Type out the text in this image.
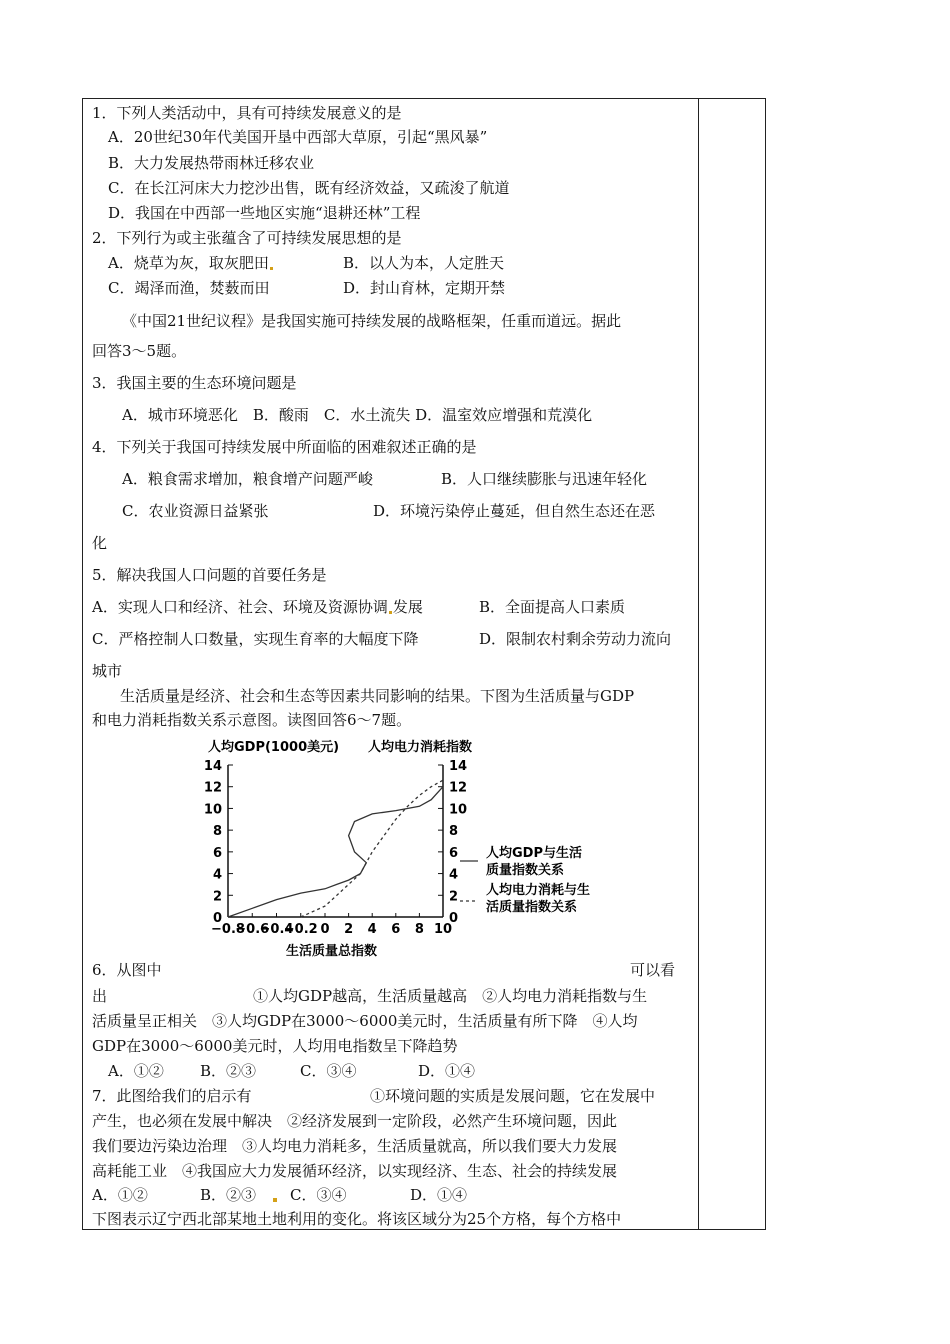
1．下列人类活动中，具有可持续发展意义的是
A．20世纪30年代美国开垦中西部大草原，引起“黑风暴”
B．大力发展热带雨林迁移农业
C．在长江河床大力挖沙出售，既有经济效益，又疏浚了航道
D．我国在中西部一些地区实施“退耕还林”工程
2．下列行为或主张蕴含了可持续发展思想的是
A．烧草为灰，取灰肥田	B．以人为本，人定胜天
C．竭泽而渔，焚薮而田	D．封山育林，定期开禁
《中国21世纪议程》是我国实施可持续发展的战略框架，任重而道远。据此
回答3～5题。
3．我国主要的生态环境问题是
A．城市环境恶化　B．酸雨　C．水土流失 D．温室效应增强和荒漠化
4．下列关于我国可持续发展中所面临的困难叙述正确的是
A．粮食需求增加，粮食增产问题严峻	B．人口继续膨胀与迅速年轻化
C．农业资源日益紧张	D．环境污染停止蔓延，但自然生态还在恶
化
5．解决我国人口问题的首要任务是
A．实现人口和经济、社会、环境及资源协调 发展	B．全面提高人口素质
C．严格控制人口数量，实现生育率的大幅度下降	D．限制农村剩余劳动力流向
城市
生活质量是经济、社会和生态等因素共同影响的结果。下图为生活质量与GDP
和电力消耗指数关系示意图。读图回答6～7题。
人均GDP(1000美元) 人均电力消耗指数
0	0
2	2
4	4
6	6
8	8
10	10
12	12
14	14
−0.8
−0.6
−0.4
−0.2 0 2 4 6 8 10
人均GDP与生活
质量指数关系
人均电力消耗与生
活质量指数关系
生活质量总指数
6．从图中	可以看
出	①人均GDP越高，生活质量越高　②人均电力消耗指数与生
活质量呈正相关　③人均GDP在3000～6000美元时，生活质量有所下降　④人均
GDP在3000～6000美元时，人均用电指数呈下降趋势
A．①② B．②③	C．③④	D．①④
7．此图给我们的启示有	①环境问题的实质是发展问题，它在发展中
产生，也必须在发展中解决　②经济发展到一定阶段，必然产生环境问题，因此
我们要边污染边治理　③人均电力消耗多，生活质量就高，所以我们要大力发展
高耗能工业　④我国应大力发展循环经济，以实现经济、生态、社会的持续发展
A．①②	B．②③ C．③④	D．①④
下图表示辽宁西北部某地土地利用的变化。将该区域分为25个方格，每个方格中
